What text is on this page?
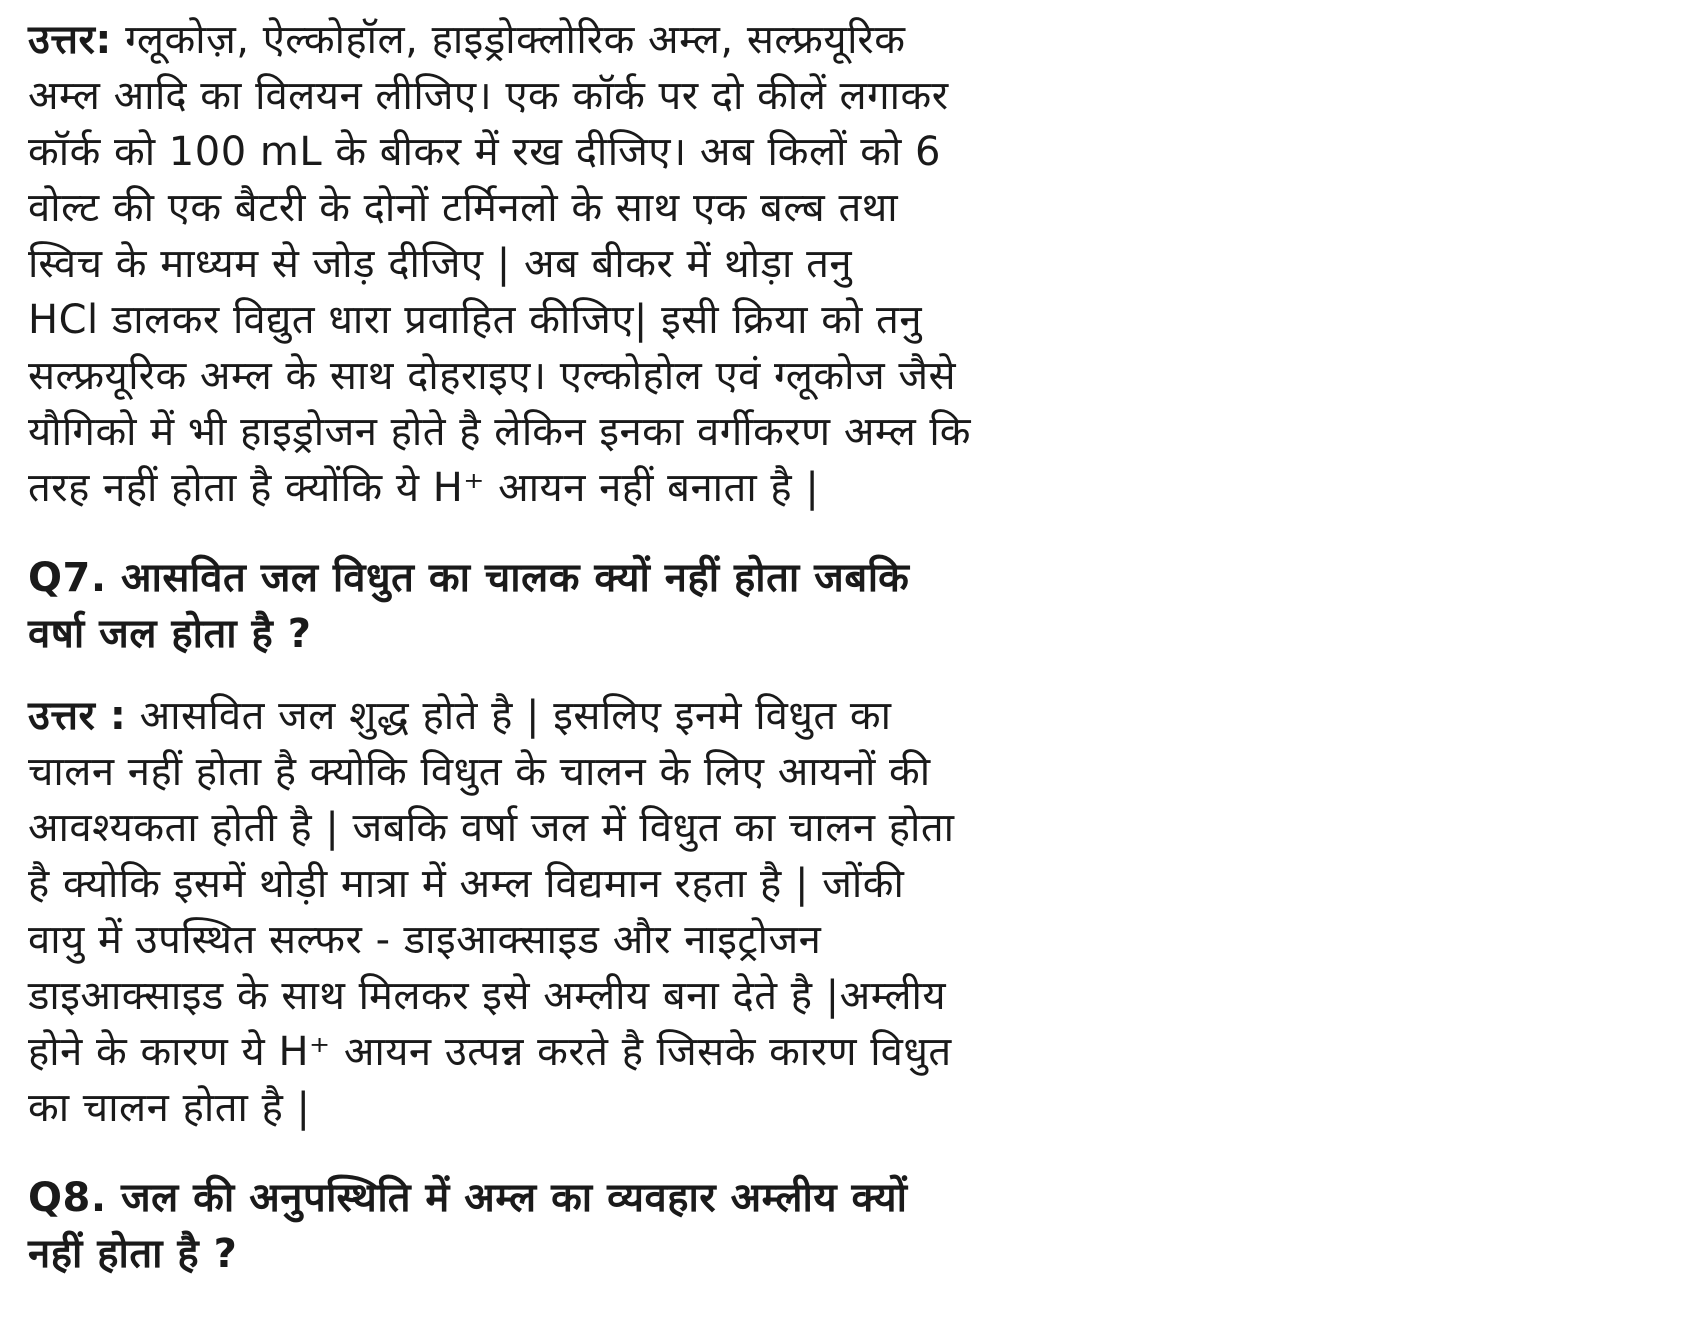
उत्तर: ग्लूकोज़, ऐल्कोहॉल, हाइड्रोक्लोरिक अम्ल, सल्फ्रयूरिक
अम्ल आदि का विलयन लीजिए। एक कॉर्क पर दो कीलें लगाकर
कॉर्क को 100 mL के बीकर में रख दीजिए। अब किलों को 6
वोल्ट की एक बैटरी के दोनों टर्मिनलो के साथ एक बल्ब तथा
स्विच के माध्यम से जोड़ दीजिए | अब बीकर में थोड़ा तनु
HCl डालकर विद्युत धारा प्रवाहित कीजिए| इसी क्रिया को तनु
सल्फ्रयूरिक अम्ल के साथ दोहराइए। एल्कोहोल एवं ग्लूकोज जैसे
यौगिको में भी हाइड्रोजन होते है लेकिन इनका वर्गीकरण अम्ल कि
तरह नहीं होता है क्योंकि ये H⁺ आयन नहीं बनाता है |
Q7. आसवित जल विधुत का चालक क्यों नहीं होता जबकि
वर्षा जल होता है ?
उत्तर : आसवित जल शुद्ध होते है | इसलिए इनमे विधुत का
चालन नहीं होता है क्योकि विधुत के चालन के लिए आयनों की
आवश्यकता होती है | जबकि वर्षा जल में विधुत का चालन होता
है क्योकि इसमें थोड़ी मात्रा में अम्ल विद्यमान रहता है | जोंकी
वायु में उपस्थित सल्फर - डाइआक्साइड और नाइट्रोजन
डाइआक्साइड के साथ मिलकर इसे अम्लीय बना देते है |अम्लीय
होने के कारण ये H⁺ आयन उत्पन्न करते है जिसके कारण विधुत
का चालन होता है |
Q8. जल की अनुपस्थिति में अम्ल का व्यवहार अम्लीय क्यों
नहीं होता है ?
